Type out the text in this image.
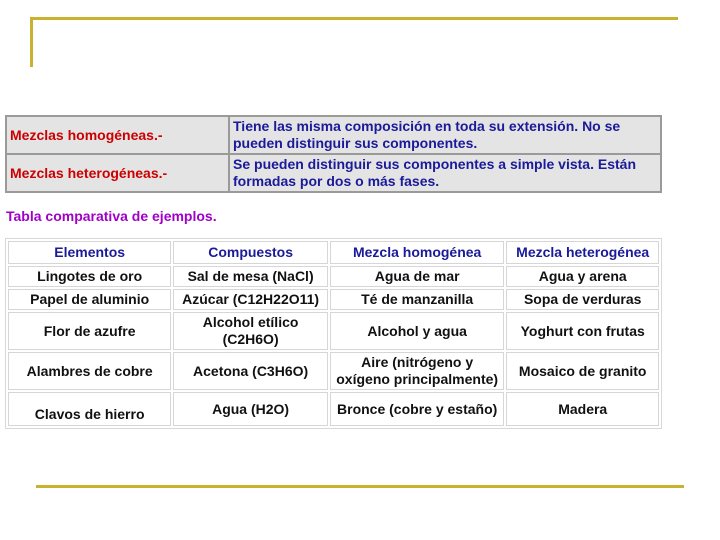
Mezclas homogéneas.-	Tiene las misma composición en toda su extensión. No se pueden distinguir sus componentes.
Mezclas heterogéneas.-	Se pueden distinguir sus componentes a simple vista. Están formadas por dos o más fases.
Tabla comparativa de ejemplos.
Elementos	Compuestos	Mezcla homogénea	Mezcla heterogénea
Lingotes de oro	Sal de mesa (NaCl)	Agua de mar	Agua y arena
Papel de aluminio	Azúcar (C12H22O11)	Té de manzanilla	Sopa de verduras
Flor de azufre	Alcohol etílico (C2H6O)	Alcohol y agua	Yoghurt con frutas
Alambres de cobre	Acetona (C3H6O)	Aire (nitrógeno y oxígeno principalmente)	Mosaico de granito
Clavos de hierro	Agua (H2O)	Bronce (cobre y estaño)	Madera
